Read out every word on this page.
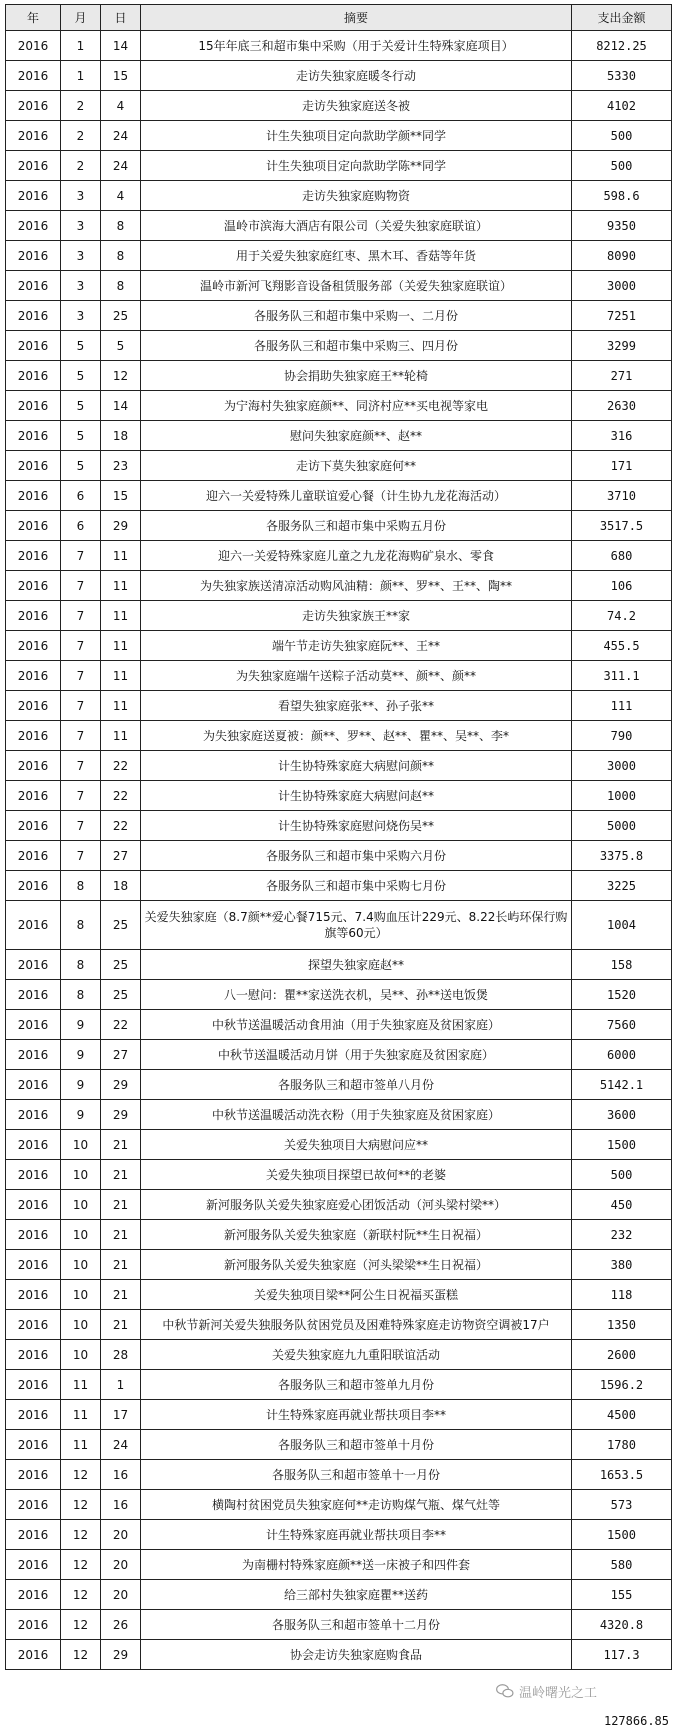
年	月	日	摘要	支出金额
2016	1	14	15年年底三和超市集中采购（用于关爱计生特殊家庭项目）	8212.25
2016	1	15	走访失独家庭暖冬行动	5330
2016	2	4	走访失独家庭送冬被	4102
2016	2	24	计生失独项目定向款助学颜**同学	500
2016	2	24	计生失独项目定向款助学陈**同学	500
2016	3	4	走访失独家庭购物资	598.6
2016	3	8	温岭市滨海大酒店有限公司（关爱失独家庭联谊）	9350
2016	3	8	用于关爱失独家庭红枣、黑木耳、香菇等年货	8090
2016	3	8	温岭市新河飞翔影音设备租赁服务部（关爱失独家庭联谊）	3000
2016	3	25	各服务队三和超市集中采购一、二月份	7251
2016	5	5	各服务队三和超市集中采购三、四月份	3299
2016	5	12	协会捐助失独家庭王**轮椅	271
2016	5	14	为宁海村失独家庭颜**、同济村应**买电视等家电	2630
2016	5	18	慰问失独家庭颜**、赵**	316
2016	5	23	走访下莫失独家庭何**	171
2016	6	15	迎六一关爱特殊儿童联谊爱心餐（计生协九龙花海活动）	3710
2016	6	29	各服务队三和超市集中采购五月份	3517.5
2016	7	11	迎六一关爱特殊家庭儿童之九龙花海购矿泉水、零食	680
2016	7	11	为失独家族送清凉活动购风油精：颜**、罗**、王**、陶**	106
2016	7	11	走访失独家族王**家	74.2
2016	7	11	端午节走访失独家庭阮**、王**	455.5
2016	7	11	为失独家庭端午送粽子活动莫**、颜**、颜**	311.1
2016	7	11	看望失独家庭张**、孙子张**	111
2016	7	11	为失独家庭送夏被：颜**、罗**、赵**、瞿**、吴**、李*	790
2016	7	22	计生协特殊家庭大病慰问颜**	3000
2016	7	22	计生协特殊家庭大病慰问赵**	1000
2016	7	22	计生协特殊家庭慰问烧伤吴**	5000
2016	7	27	各服务队三和超市集中采购六月份	3375.8
2016	8	18	各服务队三和超市集中采购七月份	3225
2016	8	25	关爱失独家庭（8.7颜**爱心餐715元、7.4购血压计229元、8.22长屿环保行购旗等60元）	1004
2016	8	25	探望失独家庭赵**	158
2016	8	25	八一慰问：瞿**家送洗衣机，吴**、孙**送电饭煲	1520
2016	9	22	中秋节送温暖活动食用油（用于失独家庭及贫困家庭）	7560
2016	9	27	中秋节送温暖活动月饼（用于失独家庭及贫困家庭）	6000
2016	9	29	各服务队三和超市签单八月份	5142.1
2016	9	29	中秋节送温暖活动洗衣粉（用于失独家庭及贫困家庭）	3600
2016	10	21	关爱失独项目大病慰问应**	1500
2016	10	21	关爱失独项目探望已故何**的老婆	500
2016	10	21	新河服务队关爱失独家庭爱心团饭活动（河头梁村梁**）	450
2016	10	21	新河服务队关爱失独家庭（新联村阮**生日祝福）	232
2016	10	21	新河服务队关爱失独家庭（河头梁梁**生日祝福）	380
2016	10	21	关爱失独项目梁**阿公生日祝福买蛋糕	118
2016	10	21	中秋节新河关爱失独服务队贫困党员及困难特殊家庭走访物资空调被17户	1350
2016	10	28	关爱失独家庭九九重阳联谊活动	2600
2016	11	1	各服务队三和超市签单九月份	1596.2
2016	11	17	计生特殊家庭再就业帮扶项目李**	4500
2016	11	24	各服务队三和超市签单十月份	1780
2016	12	16	各服务队三和超市签单十一月份	1653.5
2016	12	16	横陶村贫困党员失独家庭何**走访购煤气瓶、煤气灶等	573
2016	12	20	计生特殊家庭再就业帮扶项目李**	1500
2016	12	20	为南栅村特殊家庭颜**送一床被子和四件套	580
2016	12	20	给三部村失独家庭瞿**送药	155
2016	12	26	各服务队三和超市签单十二月份	4320.8
2016	12	29	协会走访失独家庭购食品	117.3
温岭曙光之工
127866.85
